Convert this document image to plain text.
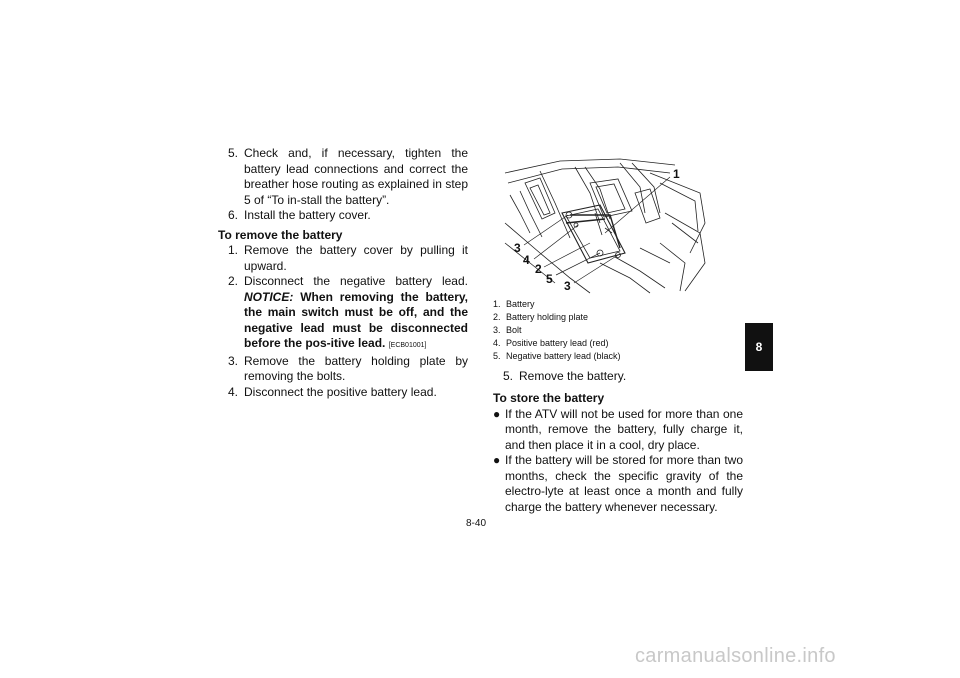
5. Check and, if necessary, tighten the battery lead connections and correct the breather hose routing as explained in step 5 of “To in-stall the battery”.
6. Install the battery cover.
To remove the battery
1. Remove the battery cover by pulling it upward.
2. Disconnect the negative battery lead. NOTICE: When removing the battery, the main switch must be off, and the negative lead must be disconnected before the pos-itive lead. [ECB01001]
3. Remove the battery holding plate by removing the bolts.
4. Disconnect the positive battery lead.
1
3
4
2
5 3
1. Battery
2. Battery holding plate
3. Bolt
4. Positive battery lead (red)
5. Negative battery lead (black)
5. Remove the battery.
To store the battery
● If the ATV will not be used for more than one month, remove the battery, fully charge it, and then place it in a cool, dry place.
● If the battery will be stored for more than two months, check the specific gravity of the electro-lyte at least once a month and fully charge the battery whenever necessary.
8
8-40
carmanualsonline.info
